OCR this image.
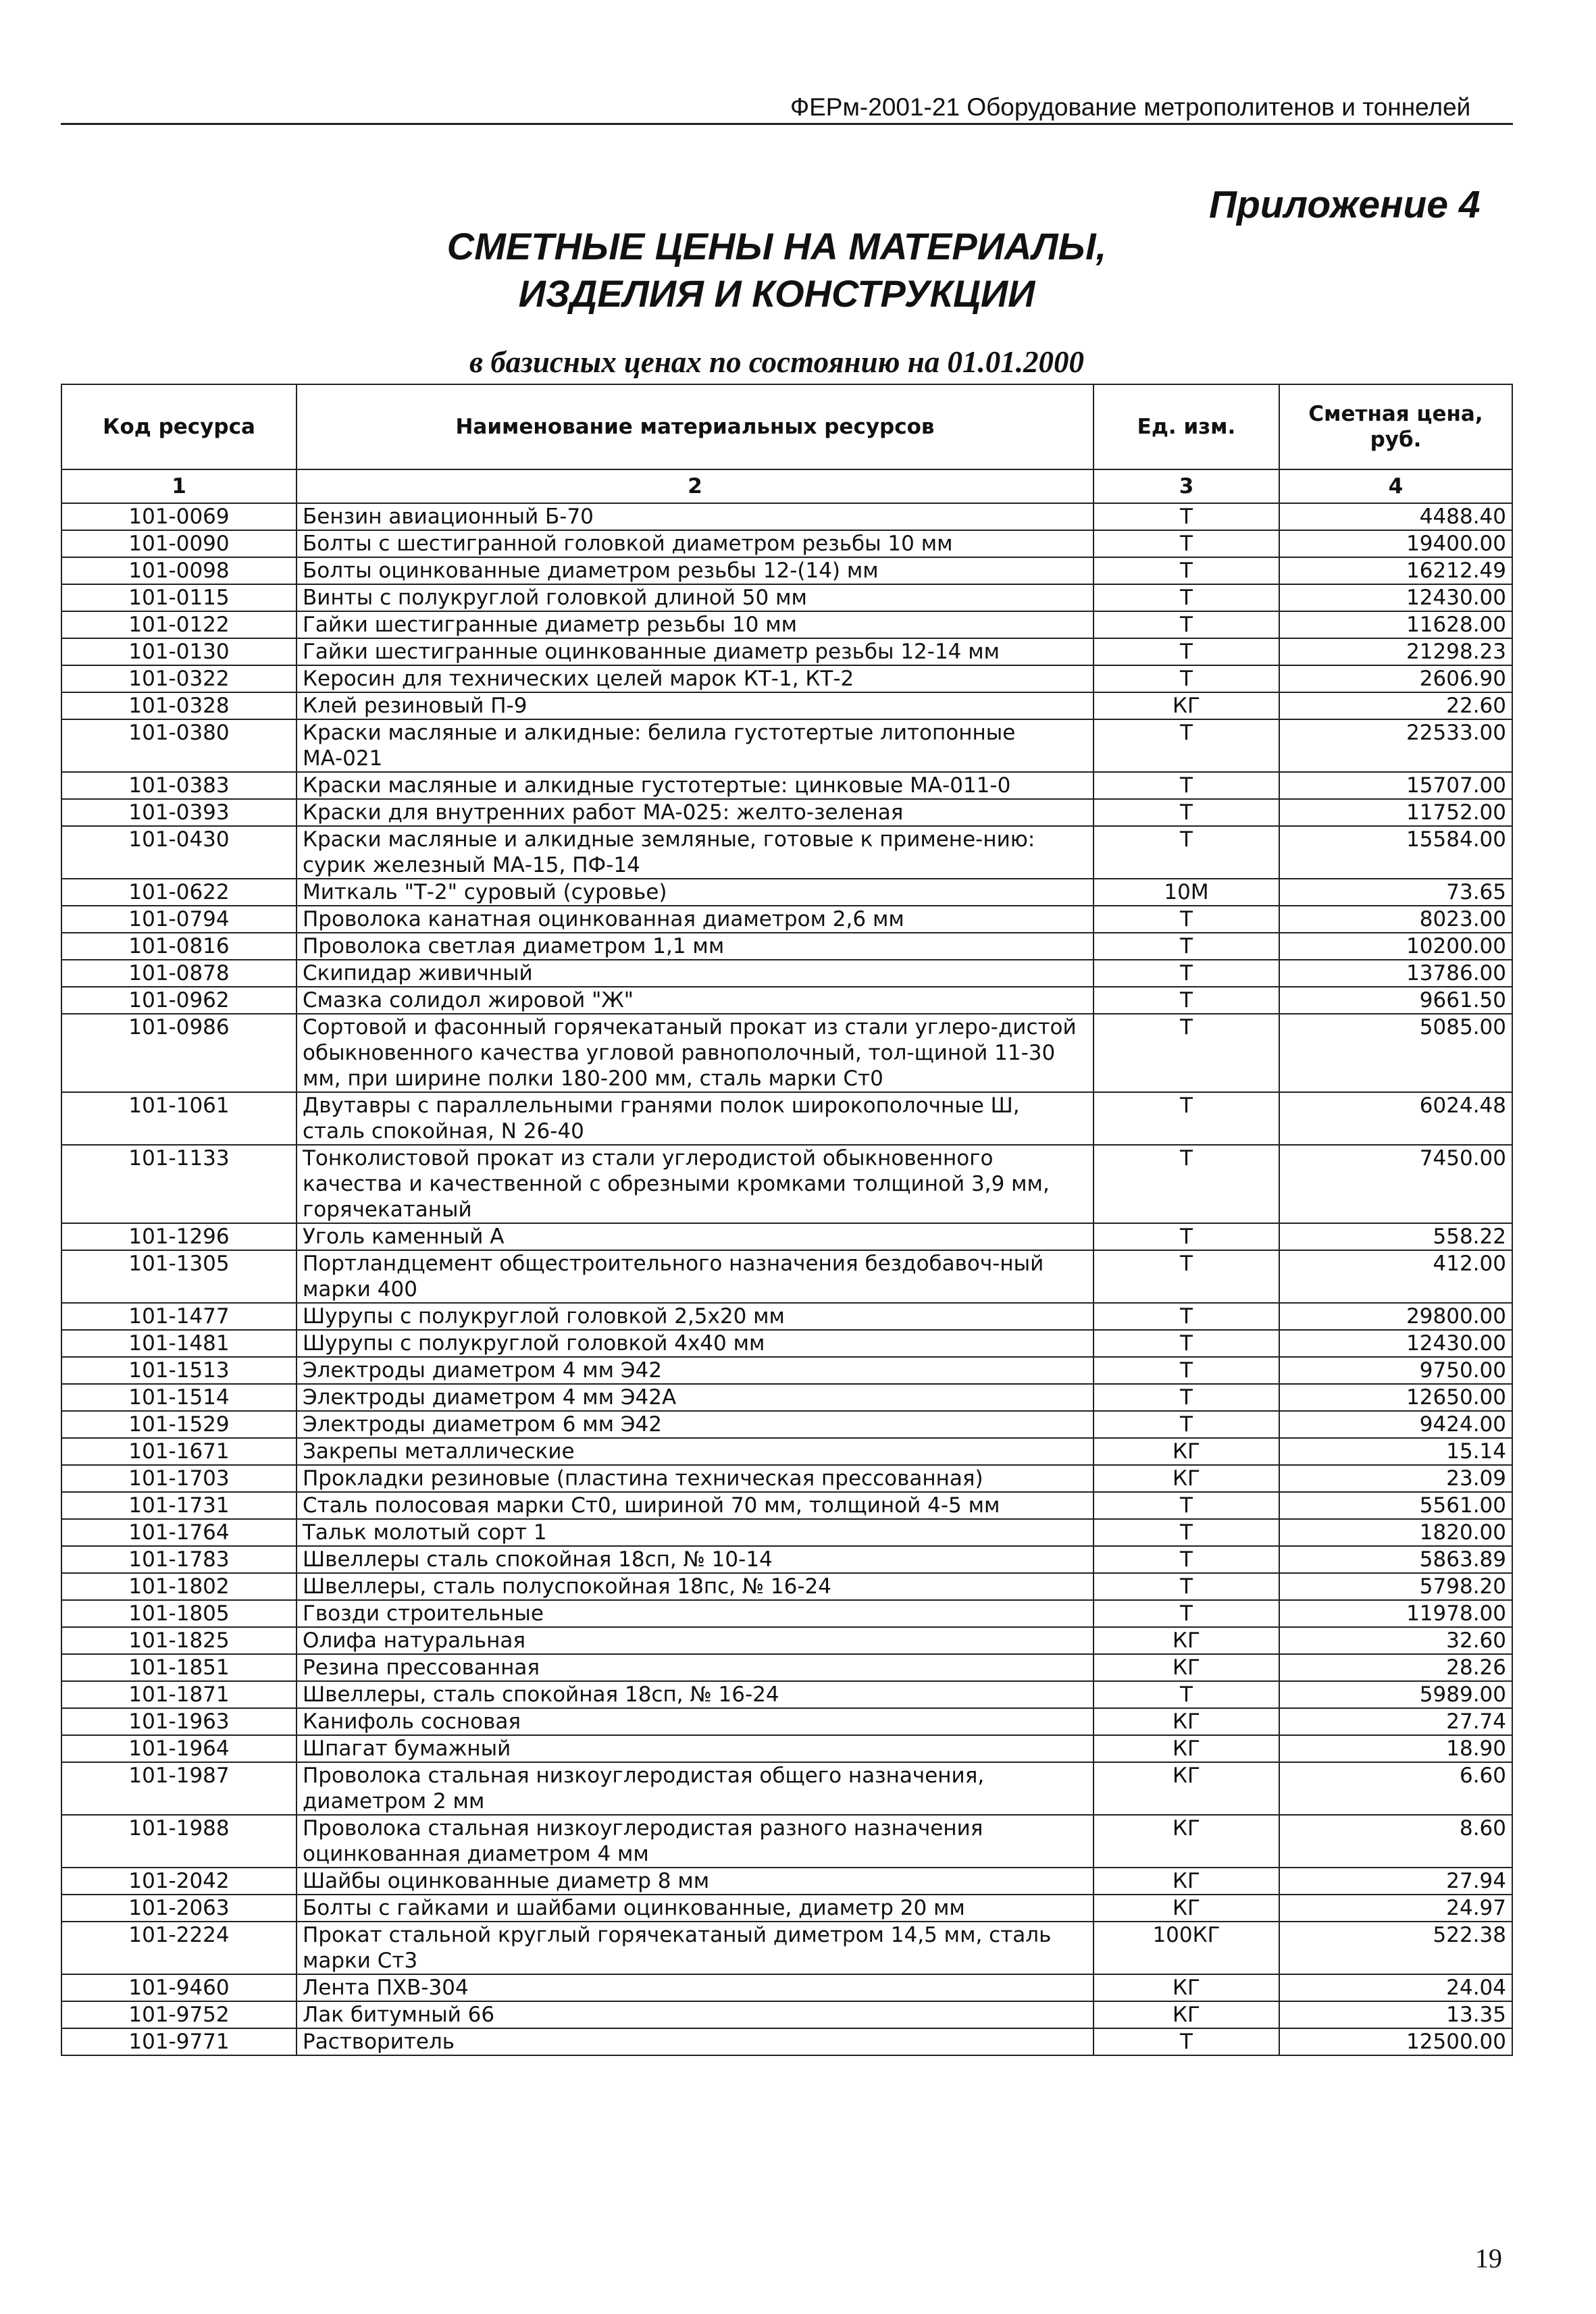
ФЕРм-2001-21 Оборудование метрополитенов и тоннелей
Приложение 4
СМЕТНЫЕ ЦЕНЫ НА МАТЕРИАЛЫ,
ИЗДЕЛИЯ И КОНСТРУКЦИИ
в базисных ценах по состоянию на 01.01.2000
Код ресурса	Наименование материальных ресурсов	Ед. изм.	Сметная цена, руб.
1	2	3	4
101-0069	Бензин авиационный Б-70	Т	4488.40
101-0090	Болты с шестигранной головкой диаметром резьбы 10 мм	Т	19400.00
101-0098	Болты оцинкованные диаметром резьбы 12-(14) мм	Т	16212.49
101-0115	Винты с полукруглой головкой длиной 50 мм	Т	12430.00
101-0122	Гайки шестигранные диаметр резьбы 10 мм	Т	11628.00
101-0130	Гайки шестигранные оцинкованные диаметр резьбы 12-14 мм	Т	21298.23
101-0322	Керосин для технических целей марок КТ-1, КТ-2	Т	2606.90
101-0328	Клей резиновый П-9	КГ	22.60
101-0380	Краски масляные и алкидные: белила густотертые литопонные МА-021	Т	22533.00
101-0383	Краски масляные и алкидные густотертые: цинковые МА-011-0	Т	15707.00
101-0393	Краски для внутренних работ МА-025: желто-зеленая	Т	11752.00
101-0430	Краски масляные и алкидные земляные, готовые к примене-нию: сурик железный МА-15, ПФ-14	Т	15584.00
101-0622	Миткаль "Т-2" суровый (суровье)	10М	73.65
101-0794	Проволока канатная оцинкованная диаметром 2,6 мм	Т	8023.00
101-0816	Проволока светлая диаметром 1,1 мм	Т	10200.00
101-0878	Скипидар живичный	Т	13786.00
101-0962	Смазка солидол жировой "Ж"	Т	9661.50
101-0986	Сортовой и фасонный горячекатаный прокат из стали углеро-дистой обыкновенного качества угловой равнополочный, тол-щиной 11-30 мм, при ширине полки 180-200 мм, сталь марки Ст0	Т	5085.00
101-1061	Двутавры с параллельными гранями полок широкополочные Ш, сталь спокойная, N 26-40	Т	6024.48
101-1133	Тонколистовой прокат из стали углеродистой обыкновенного качества и качественной с обрезными кромками толщиной 3,9 мм, горячекатаный	Т	7450.00
101-1296	Уголь каменный А	Т	558.22
101-1305	Портландцемент общестроительного назначения бездобавоч-ный марки 400	Т	412.00
101-1477	Шурупы с полукруглой головкой 2,5х20 мм	Т	29800.00
101-1481	Шурупы с полукруглой головкой 4х40 мм	Т	12430.00
101-1513	Электроды диаметром 4 мм Э42	Т	9750.00
101-1514	Электроды диаметром 4 мм Э42А	Т	12650.00
101-1529	Электроды диаметром 6 мм Э42	Т	9424.00
101-1671	Закрепы металлические	КГ	15.14
101-1703	Прокладки резиновые (пластина техническая прессованная)	КГ	23.09
101-1731	Сталь полосовая марки Ст0, шириной 70 мм, толщиной 4-5 мм	Т	5561.00
101-1764	Тальк молотый сорт 1	Т	1820.00
101-1783	Швеллеры сталь спокойная 18сп, № 10-14	Т	5863.89
101-1802	Швеллеры, сталь полуспокойная 18пс, № 16-24	Т	5798.20
101-1805	Гвозди строительные	Т	11978.00
101-1825	Олифа натуральная	КГ	32.60
101-1851	Резина прессованная	КГ	28.26
101-1871	Швеллеры, сталь спокойная 18сп, № 16-24	Т	5989.00
101-1963	Канифоль сосновая	КГ	27.74
101-1964	Шпагат бумажный	КГ	18.90
101-1987	Проволока стальная низкоуглеродистая общего назначения, диаметром 2 мм	КГ	6.60
101-1988	Проволока стальная низкоуглеродистая разного назначения оцинкованная диаметром 4 мм	КГ	8.60
101-2042	Шайбы оцинкованные диаметр 8 мм	КГ	27.94
101-2063	Болты с гайками и шайбами оцинкованные, диаметр 20 мм	КГ	24.97
101-2224	Прокат стальной круглый горячекатаный диметром 14,5 мм, сталь марки Ст3	100КГ	522.38
101-9460	Лента ПХВ-304	КГ	24.04
101-9752	Лак битумный 66	КГ	13.35
101-9771	Растворитель	Т	12500.00
19
